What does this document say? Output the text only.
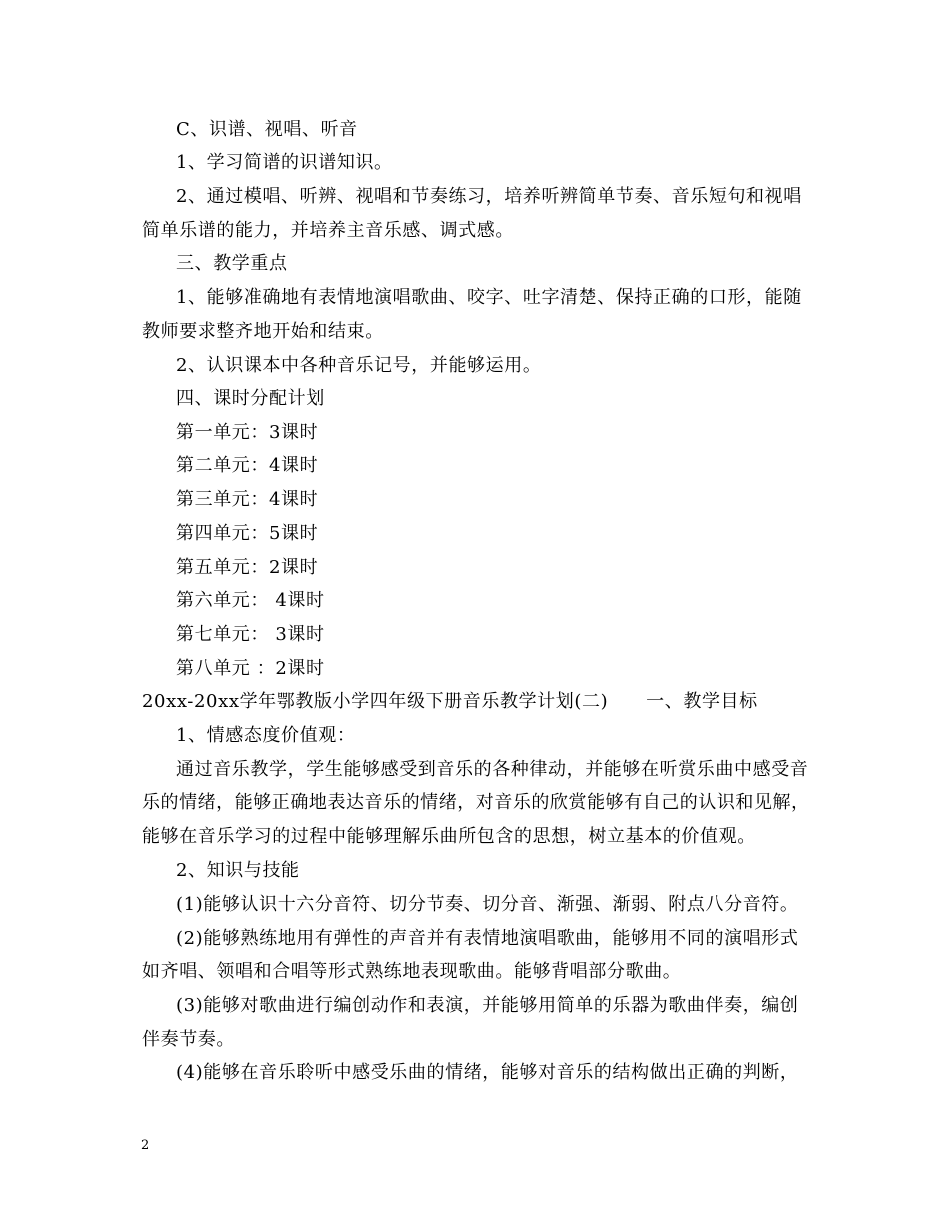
C、识谱、视唱、听音
1、学习简谱的识谱知识。
2、通过模唱、听辨、视唱和节奏练习，培养听辨简单节奏、音乐短句和视唱
简单乐谱的能力，并培养主音乐感、调式感。
三、教学重点
1、能够准确地有表情地演唱歌曲、咬字、吐字清楚、保持正确的口形，能随
教师要求整齐地开始和结束。
2、认识课本中各种音乐记号，并能够运用。
四、课时分配计划
第一单元：3课时
第二单元：4课时
第三单元：4课时
第四单元：5课时
第五单元：2课时
第六单元： 4课时
第七单元： 3课时
第八单元 ：2课时
20xx-20xx学年鄂教版小学四年级下册音乐教学计划(二)      一、教学目标
1、情感态度价值观：
通过音乐教学，学生能够感受到音乐的各种律动，并能够在听赏乐曲中感受音
乐的情绪，能够正确地表达音乐的情绪，对音乐的欣赏能够有自己的认识和见解，
能够在音乐学习的过程中能够理解乐曲所包含的思想，树立基本的价值观。
2、知识与技能
(1)能够认识十六分音符、切分节奏、切分音、渐强、渐弱、附点八分音符。
(2)能够熟练地用有弹性的声音并有表情地演唱歌曲，能够用不同的演唱形式
如齐唱、领唱和合唱等形式熟练地表现歌曲。能够背唱部分歌曲。
(3)能够对歌曲进行编创动作和表演，并能够用简单的乐器为歌曲伴奏，编创
伴奏节奏。
(4)能够在音乐聆听中感受乐曲的情绪，能够对音乐的结构做出正确的判断，
2
